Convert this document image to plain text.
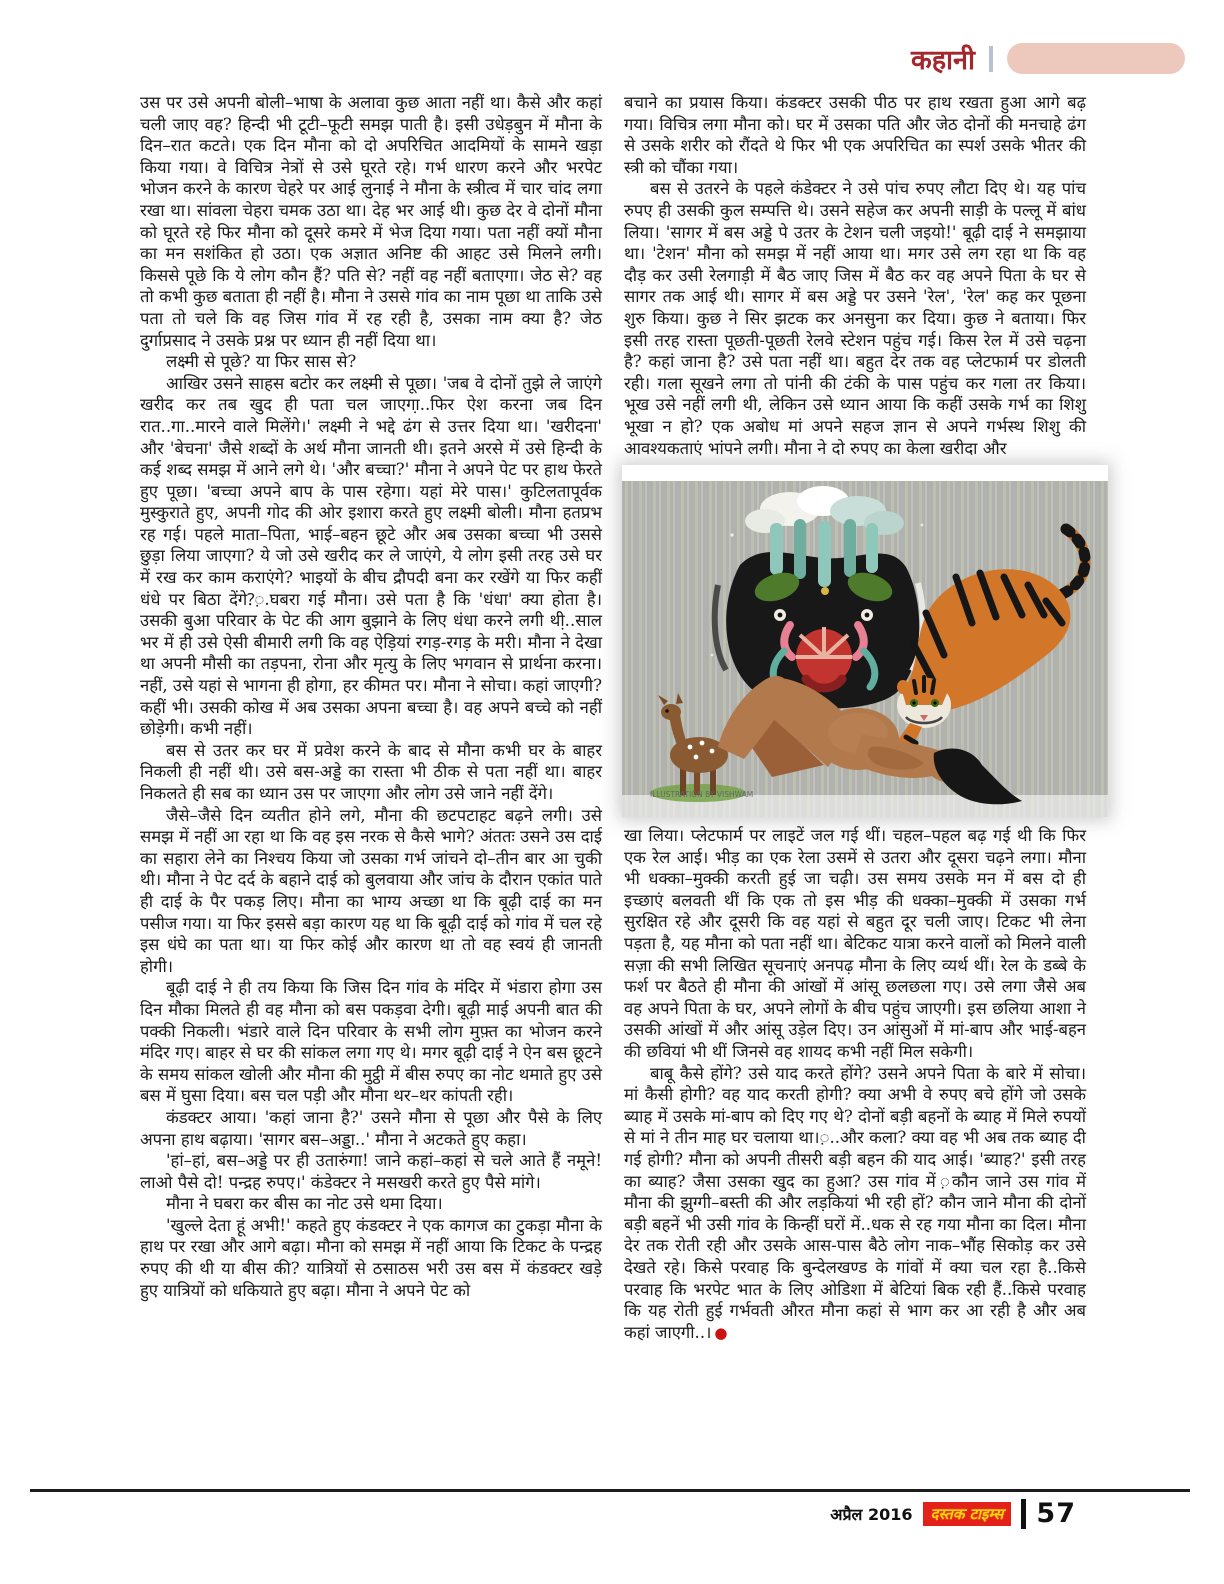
कहानी

उस पर उसे अपनी बोली–भाषा के अलावा कुछ आता नहीं था। कैसे और कहां चली जाए वह? हिन्दी भी टूटी–फूटी समझ पाती है। इसी उधेड़बुन में मौना के दिन–रात कटते। एक दिन मौना को दो अपरिचित आदमियों के सामने खड़ा किया गया। वे विचित्र नेत्रों से उसे घूरते रहे। गर्भ धारण करने और भरपेट भोजन करने के कारण चेहरे पर आई लुनाई ने मौना के स्त्रीत्व में चार चांद लगा रखा था। सांवला चेहरा चमक उठा था। देह भर आई थी। कुछ देर वे दोनों मौना को घूरते रहे फिर मौना को दूसरे कमरे में भेज दिया गया। पता नहीं क्यों मौना का मन सशंकित हो उठा। एक अज्ञात अनिष्ट की आहट उसे मिलने लगी। किससे पूछे कि ये लोग कौन हैं? पति से? नहीं वह नहीं बताएगा। जेठ से? वह तो कभी कुछ बताता ही नहीं है। मौना ने उससे गांव का नाम पूछा था ताकि उसे पता तो चले कि वह जिस गांव में रह रही है, उसका नाम क्या है? जेठ दुर्गाप्रसाद ने उसके प्रश्न पर ध्यान ही नहीं दिया था।

लक्ष्मी से पूछे? या फिर सास से?

आखिर उसने साहस बटोर कर लक्ष्मी से पूछा। 'जब वे दोनों तुझे ले जाएंगे खरीद कर तब खुद ही पता चल जाएगा़..फिर ऐश करना जब दिन रात..गा..मारने वाले मिलेंगे।' लक्ष्मी ने भद्दे ढंग से उत्तर दिया था। 'खरीदना' और 'बेचना' जैसे शब्दों के अर्थ मौना जानती थी। इतने अरसे में उसे हिन्दी के कई शब्द समझ में आने लगे थे। 'और बच्चा?' मौना ने अपने पेट पर हाथ फेरते हुए पूछा। 'बच्चा अपने बाप के पास रहेगा। यहां मेरे पास।' कुटिलतापूर्वक मुस्कुराते हुए, अपनी गोद की ओर इशारा करते हुए लक्ष्मी बोली। मौना हतप्रभ रह गई। पहले माता–पिता, भाई–बहन छूटे और अब उसका बच्चा भी उससे छुड़ा लिया जाएगा? ये जो उसे खरीद कर ले जाएंगे, ये लोग इसी तरह उसे घर में रख कर काम कराएंगे? भाइयों के बीच द्रौपदी बना कर रखेंगे या फिर कहीं धंधे पर बिठा देंगे?़.घबरा गई मौना। उसे पता है कि 'धंधा' क्या होता है। उसकी बुआ परिवार के पेट की आग बुझाने के लिए धंधा करने लगी थी़..साल भर में ही उसे ऐसी बीमारी लगी कि वह ऐड़ियां रगड़-रगड़ के मरी। मौना ने देखा था अपनी मौसी का तड़पना, रोना और मृत्यु के लिए भगवान से प्रार्थना करना। नहीं, उसे यहां से भागना ही होगा, हर कीमत पर। मौना ने सोचा। कहां जाएगी? कहीं भी। उसकी कोख में अब उसका अपना बच्चा है। वह अपने बच्चे को नहीं छोड़ेगी। कभी नहीं।

बस से उतर कर घर में प्रवेश करने के बाद से मौना कभी घर के बाहर निकली ही नहीं थी। उसे बस-अड्डे का रास्ता भी ठीक से पता नहीं था। बाहर निकलते ही सब का ध्यान उस पर जाएगा और लोग उसे जाने नहीं देंगे।

जैसे–जैसे दिन व्यतीत होने लगे, मौना की छटपटाहट बढ़ने लगी। उसे समझ में नहीं आ रहा था कि वह इस नरक से कैसे भागे? अंततः उसने उस दाई का सहारा लेने का निश्चय किया जो उसका गर्भ जांचने दो–तीन बार आ चुकी थी। मौना ने पेट दर्द के बहाने दाई को बुलवाया और जांच के दौरान एकांत पाते ही दाई के पैर पकड़ लिए। मौना का भाग्य अच्छा था कि बूढ़ी दाई का मन पसीज गया। या फिर इससे बड़ा कारण यह था कि बूढ़ी दाई को गांव में चल रहे इस धंघे का पता था। या फिर कोई और कारण था तो वह स्वयं ही जानती होगी।

बूढ़ी दाई ने ही तय किया कि जिस दिन गांव के मंदिर में भंडारा होगा उस दिन मौका मिलते ही वह मौना को बस पकड़वा देगी। बूढ़ी माई अपनी बात की पक्की निकली। भंडारे वाले दिन परिवार के सभी लोग मुफ़्त का भोजन करने मंदिर गए। बाहर से घर की सांकल लगा गए थे। मगर बूढ़ी दाई ने ऐन बस छूटने के समय सांकल खोली और मौना की मुट्ठी में बीस रुपए का नोट थमाते हुए उसे बस में घुसा दिया। बस चल पड़ी और मौना थर–थर कांपती रही।

कंडक्टर आया। 'कहां जाना है?' उसने मौना से पूछा और पैसे के लिए अपना हाथ बढ़ाया। 'सागर बस–अड्डा़..' मौना ने अटकते हुए कहा।

'हां–हां, बस–अड्डे पर ही उतारुंगा! जाने कहां–कहां से चले आते हैं नमूने! लाओ पैसे दो! पन्द्रह रुपए।' कंडेक्टर ने मसखरी करते हुए पैसे मांगे।

मौना ने घबरा कर बीस का नोट उसे थमा दिया।

'खुल्ले देता हूं अभी!' कहते हुए कंडक्टर ने एक कागज का टुकड़ा मौना के हाथ पर रखा और आगे बढ़ा। मौना को समझ में नहीं आया कि टिकट के पन्द्रह रुपए की थी या बीस की? यात्रियों से ठसाठस भरी उस बस में कंडक्टर खड़े हुए यात्रियों को धकियाते हुए बढ़ा। मौना ने अपने पेट को

बचाने का प्रयास किया। कंडक्टर उसकी पीठ पर हाथ रखता हुआ आगे बढ़ गया। विचित्र लगा मौना को। घर में उसका पति और जेठ दोनों की मनचाहे ढंग से उसके शरीर को रौंदते थे फिर भी एक अपरिचित का स्पर्श उसके भीतर की स्त्री को चौंका गया।

बस से उतरने के पहले कंडेक्टर ने उसे पांच रुपए लौटा दिए थे। यह पांच रुपए ही उसकी कुल सम्पत्ति थे। उसने सहेज कर अपनी साड़ी के पल्लू में बांध लिया। 'सागर में बस अड्डे पे उतर के टेशन चली जइयो!' बूढ़ी दाई ने समझाया था। 'टेशन' मौना को समझ में नहीं आया था। मगर उसे लग रहा था कि वह दौड़ कर उसी रेलगाड़ी में बैठ जाए जिस में बैठ कर वह अपने पिता के घर से सागर तक आई थी। सागर में बस अड्डे पर उसने 'रेल', 'रेल' कह कर पूछना शुरु किया। कुछ ने सिर झटक कर अनसुना कर दिया। कुछ ने बताया। फिर इसी तरह रास्ता पूछती-पूछती रेलवे स्टेशन पहुंच गई। किस रेल में उसे चढ़ना है? कहां जाना है? उसे पता नहीं था। बहुत देर तक वह प्लेटफार्म पर डोलती रही। गला सूखने लगा तो पांनी की टंकी के पास पहुंच कर गला तर किया। भूख उसे नहीं लगी थी, लेकिन उसे ध्यान आया कि कहीं उसके गर्भ का शिशु भूखा न हो? एक अबोध मां अपने सहज ज्ञान से अपने गर्भस्थ शिशु की आवश्यकताएं भांपने लगी। मौना ने दो रुपए का केला खरीदा और

ILLUSTRATION BY VISHWAM

खा लिया। प्लेटफार्म पर लाइटें जल गई थीं। चहल–पहल बढ़ गई थी कि फिर एक रेल आई। भीड़ का एक रेला उसमें से उतरा और दूसरा चढ़ने लगा। मौना भी धक्का–मुक्की करती हुई जा चढ़ी। उस समय उसके मन में बस दो ही इच्छाएं बलवती थीं कि एक तो इस भीड़ की धक्का–मुक्की में उसका गर्भ सुरक्षित रहे और दूसरी कि वह यहां से बहुत दूर चली जाए। टिकट भी लेना पड़ता है, यह मौना को पता नहीं था। बेटिकट यात्रा करने वालों को मिलने वाली सज़ा की सभी लिखित सूचनाएं अनपढ़ मौना के लिए व्यर्थ थीं। रेल के डब्बे के फर्श पर बैठते ही मौना की आंखों में आंसू छलछला गए। उसे लगा जैसे अब वह अपने पिता के घर, अपने लोगों के बीच पहुंच जाएगी। इस छलिया आशा ने उसकी आंखों में और आंसू उड़ेल दिए। उन आंसुओं में मां-बाप और भाई-बहन की छवियां भी थीं जिनसे वह शायद कभी नहीं मिल सकेगी।

बाबू कैसे होंगे? उसे याद करते होंगे? उसने अपने पिता के बारे में सोचा। मां कैसी होगी? वह याद करती होगी? क्या अभी वे रुपए बचे होंगे जो उसके ब्याह में उसके मां-बाप को दिए गए थे? दोनों बड़ी बहनों के ब्याह में मिले रुपयों से मां ने तीन माह घर चलाया था।़..और कला? क्या वह भी अब तक ब्याह दी गई होगी? मौना को अपनी तीसरी बड़ी बहन की याद आई। 'ब्याह?' इसी तरह का ब्याह? जैसा उसका खुद का हुआ? उस गांव में ़कौन जाने उस गांव में मौना की झुग्गी–बस्ती की और लड़कियां भी रही हों? कौन जाने मौना की दोनों बड़ी बहनें भी उसी गांव के किन्हीं घरों में..धक से रह गया मौना का दिल। मौना देर तक रोती रही और उसके आस-पास बैठे लोग नाक–भौंह सिकोड़ कर उसे देखते रहे। किसे परवाह कि बुन्देलखण्ड के गांवों में क्या चल रहा है..किसे परवाह कि भरपेट भात के लिए ओडिशा में बेटियां बिक रही हैं..किसे परवाह कि यह रोती हुई गर्भवती औरत मौना कहां से भाग कर आ रही है और अब कहां जाएगी..। ●

अप्रैल 2016	दस्तक टाइम्स 57
